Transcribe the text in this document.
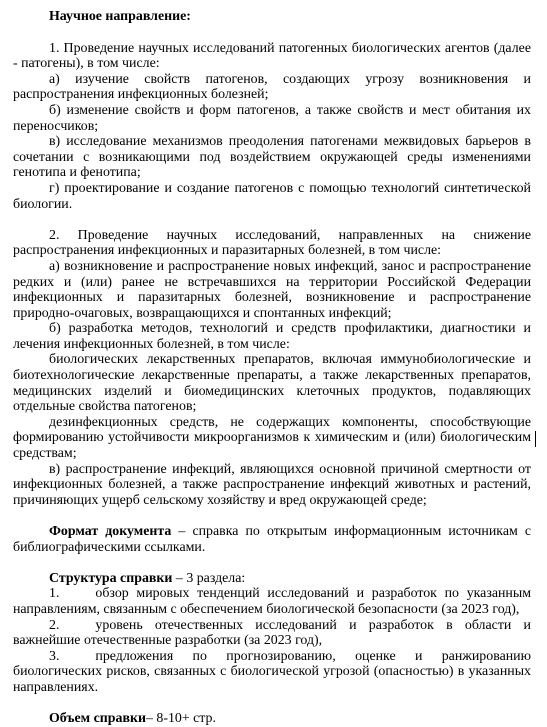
Научное направление:

1. Проведение научных исследований патогенных биологических агентов (далее - патогены), в том числе:

а) изучение свойств патогенов, создающих угрозу возникновения и распространения инфекционных болезней;

б) изменение свойств и форм патогенов, а также свойств и мест обитания их переносчиков;

в) исследование механизмов преодоления патогенами межвидовых барьеров в сочетании с возникающими под воздействием окружающей среды изменениями генотипа и фенотипа;

г) проектирование и создание патогенов с помощью технологий синтетической биологии.

2. Проведение научных исследований, направленных на снижение распространения инфекционных и паразитарных болезней, в том числе:

а) возникновение и распространение новых инфекций, занос и распространение редких и (или) ранее не встречавшихся на территории Российской Федерации инфекционных и паразитарных болезней, возникновение и распространение природно-очаговых, возвращающихся и спонтанных инфекций;

б) разработка методов, технологий и средств профилактики, диагностики и лечения инфекционных болезней, в том числе:

биологических лекарственных препаратов, включая иммунобиологические и биотехнологические лекарственные препараты, а также лекарственных препаратов, медицинских изделий и биомедицинских клеточных продуктов, подавляющих отдельные свойства патогенов;

дезинфекционных средств, не содержащих компоненты, способствующие формированию устойчивости микроорганизмов к химическим и (или) биологическим средствам;

в) распространение инфекций, являющихся основной причиной смертности от инфекционных болезней, а также распространение инфекций животных и растений, причиняющих ущерб сельскому хозяйству и вред окружающей среде;

Формат документа – справка по открытым информационным источникам с библиографическими ссылками.

Структура справки – 3 раздела:

1.	обзор мировых тенденций исследований и разработок по указанным направлениям, связанным с обеспечением биологической безопасности (за 2023 год),

2.	уровень отечественных исследований и разработок в области и важнейшие отечественные разработки (за 2023 год),

3.	предложения по прогнозированию, оценке и ранжированию биологических рисков, связанных с биологической угрозой (опасностью) в указанных направлениях.

Объем справки– 8-10+ стр.
